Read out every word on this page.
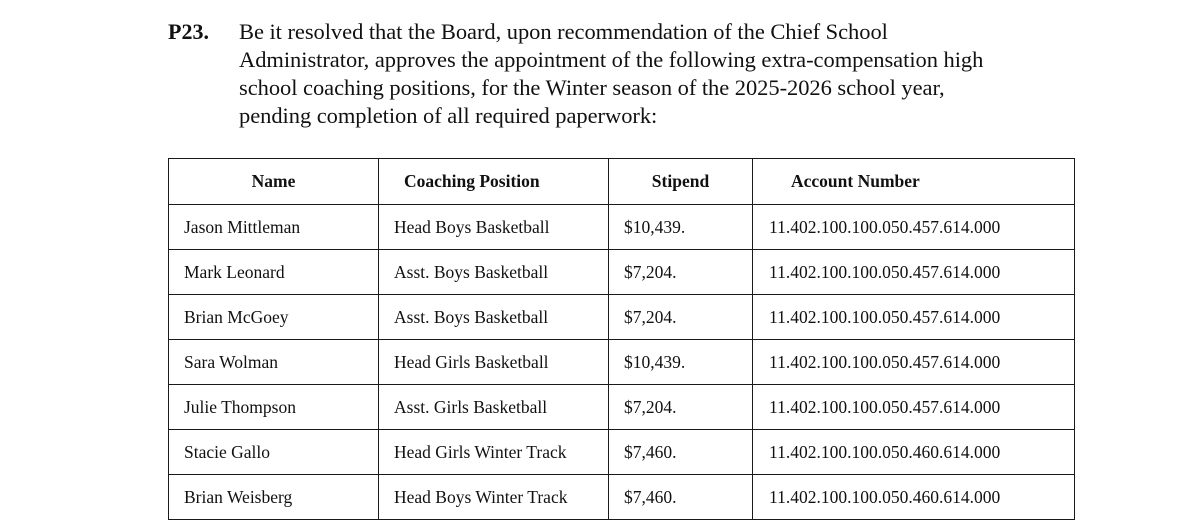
P23. Be it resolved that the Board, upon recommendation of the Chief School
Administrator, approves the appointment of the following extra-compensation high
school coaching positions, for the Winter season of the 2025-2026 school year,
pending completion of all required paperwork:
Name	Coaching Position	Stipend	Account Number
Jason Mittleman	Head Boys Basketball	$10,439.	11.402.100.100.050.457.614.000
Mark Leonard	Asst. Boys Basketball	$7,204.	11.402.100.100.050.457.614.000
Brian McGoey	Asst. Boys Basketball	$7,204.	11.402.100.100.050.457.614.000
Sara Wolman	Head Girls Basketball	$10,439.	11.402.100.100.050.457.614.000
Julie Thompson	Asst. Girls Basketball	$7,204.	11.402.100.100.050.457.614.000
Stacie Gallo	Head Girls Winter Track	$7,460.	11.402.100.100.050.460.614.000
Brian Weisberg	Head Boys Winter Track	$7,460.	11.402.100.100.050.460.614.000
